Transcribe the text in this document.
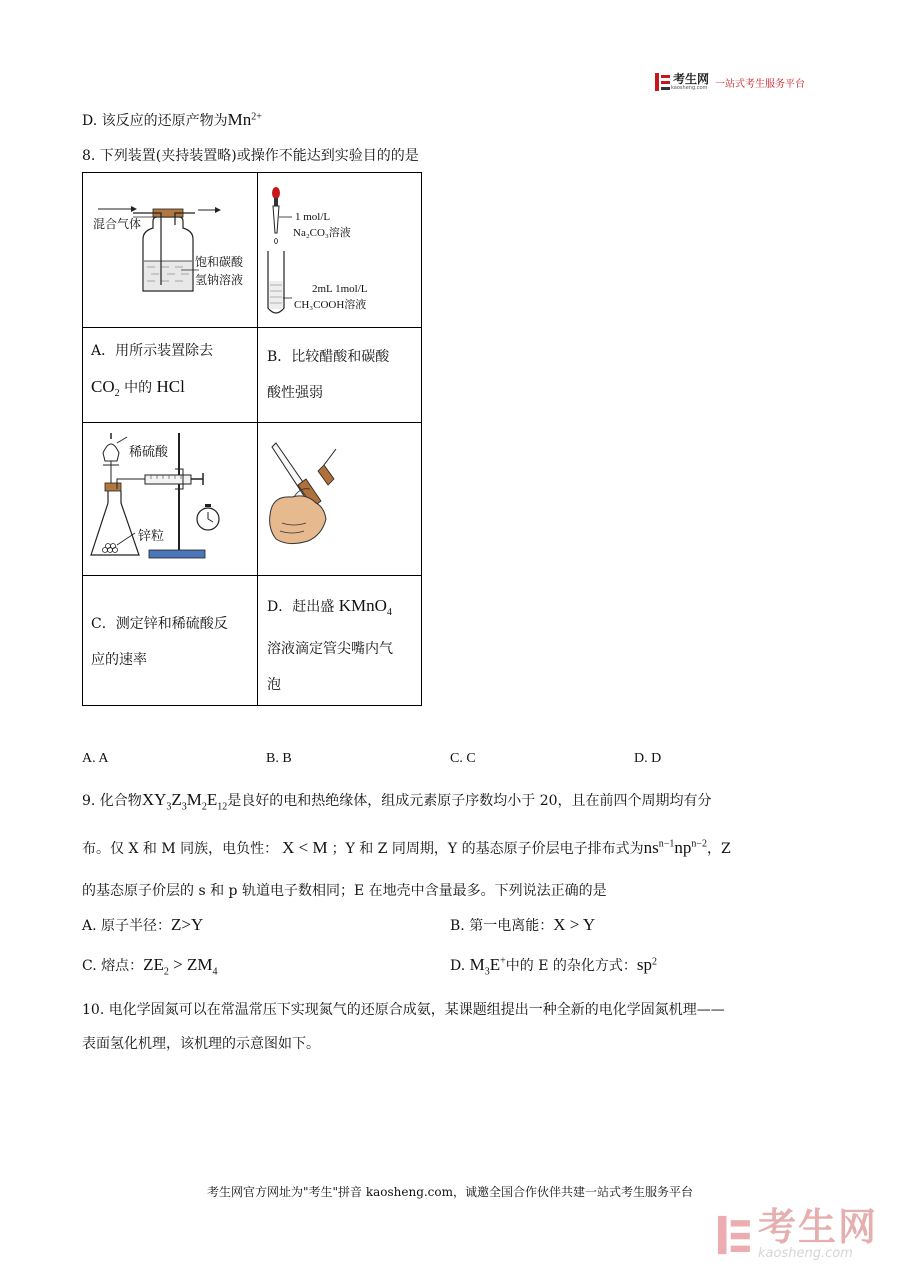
考生网
kaosheng.com 一站式考生服务平台
D. 该反应的还原产物为$Mn^{2+}$
8. 下列装置(夹持装置略)或操作不能达到实验目的的是
混合气体
饱和碳酸
氢钠溶液
1 mol/L
Na₂CO₃溶液
2mL 1mol/L
CH₃COOH溶液
A．用所示装置除去
$CO_2$ 中的 HCl
B．比较醋酸和碳酸
酸性强弱
稀硫酸
锌粒
C．测定锌和稀硫酸反
应的速率
D．赶出盛 KMnO$_4$
溶液滴定管尖嘴内气
泡
A. A	B. B	C. C	D. D
9. 化合物$XY_3Z_3M_2E_{12}$是良好的电和热绝缘体，组成元素原子序数均小于 20，且在前四个周期均有分
布。仅 X 和 M 同族，电负性： X < M ；Y 和 Z 同周期，Y 的基态原子价层电子排布式为$ns^{n-1}np^{n-2}$，Z
的基态原子价层的 s 和 p 轨道电子数相同；E 在地壳中含量最多。下列说法正确的是
A. 原子半径：Z>Y	B. 第一电离能：X > Y
C. 熔点：$ZE_2 > ZM_4$	D. $M_3E^+$中的 E 的杂化方式：$sp^2$
10. 电化学固氮可以在常温常压下实现氮气的还原合成氨，某课题组提出一种全新的电化学固氮机理——
表面氢化机理，该机理的示意图如下。
考生网官方网址为"考生"拼音 kaosheng.com，诚邀全国合作伙伴共建一站式考生服务平台
考生网
kaosheng.com
